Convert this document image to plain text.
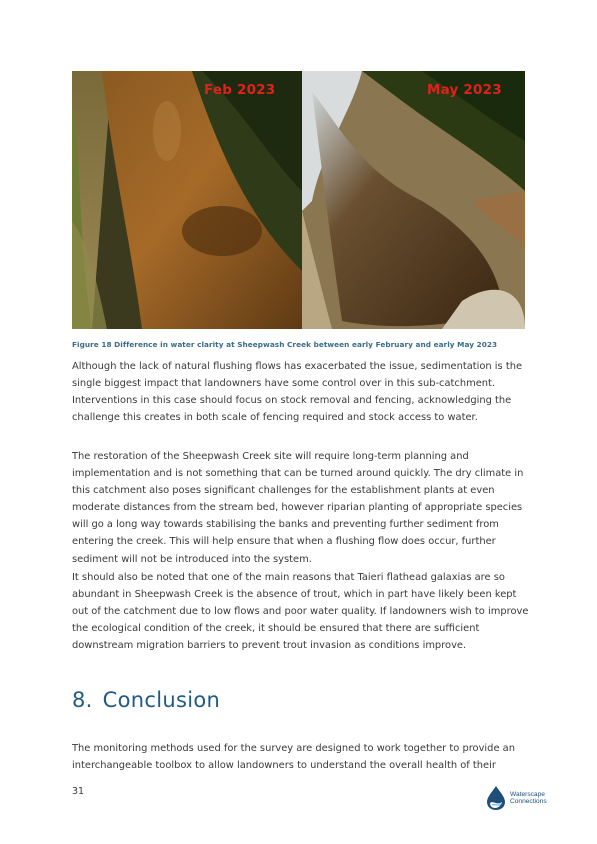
Feb 2023	May 2023
Figure 18 Difference in water clarity at Sheepwash Creek between early February and early May 2023

Although the lack of natural flushing flows has exacerbated the issue, sedimentation is the single biggest impact that landowners have some control over in this sub-catchment. Interventions in this case should focus on stock removal and fencing, acknowledging the challenge this creates in both scale of fencing required and stock access to water.

The restoration of the Sheepwash Creek site will require long-term planning and implementation and is not something that can be turned around quickly. The dry climate in this catchment also poses significant challenges for the establishment plants at even moderate distances from the stream bed, however riparian planting of appropriate species will go a long way towards stabilising the banks and preventing further sediment from entering the creek. This will help ensure that when a flushing flow does occur, further sediment will not be introduced into the system.

It should also be noted that one of the main reasons that Taieri flathead galaxias are so abundant in Sheepwash Creek is the absence of trout, which in part have likely been kept out of the catchment due to low flows and poor water quality. If landowners wish to improve the ecological condition of the creek, it should be ensured that there are sufficient downstream migration barriers to prevent trout invasion as conditions improve.

8. Conclusion

The monitoring methods used for the survey are designed to work together to provide an interchangeable toolbox to allow landowners to understand the overall health of their

31	Waterscape
Connections
